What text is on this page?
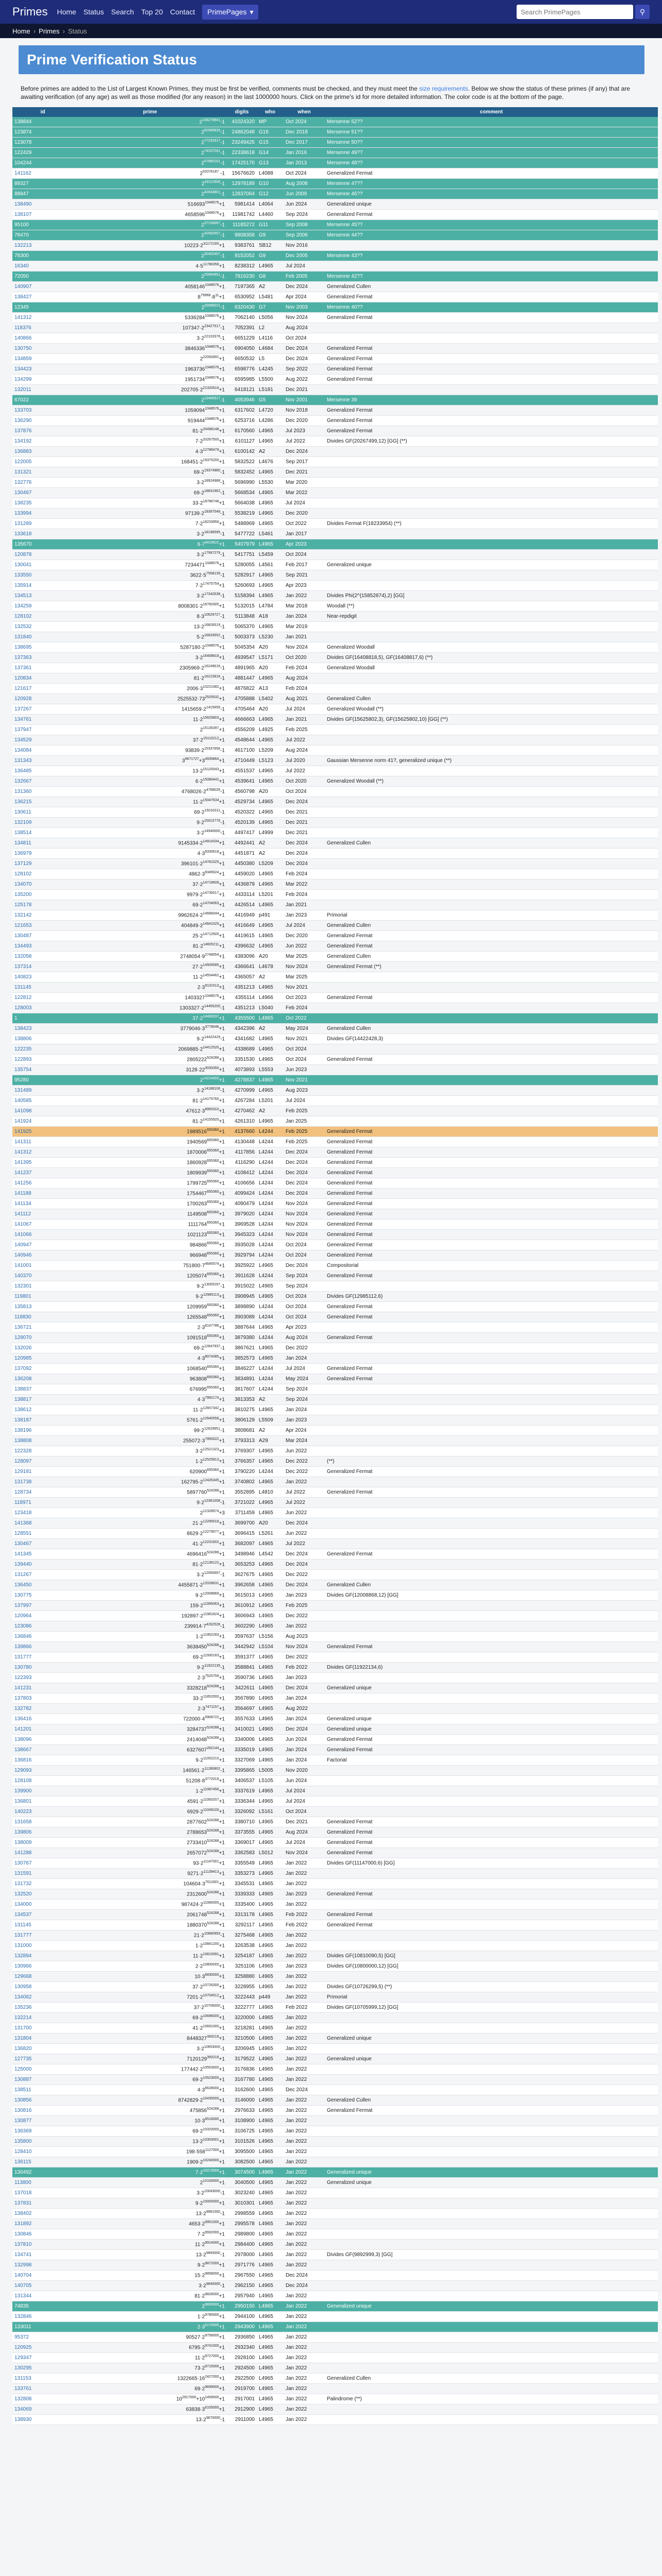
Primes Home Status Search Top 20 Contact PrimePages ▾
Search PrimePages	⚲
Home › Primes › Status
Prime Verification Status

Before primes are added to the List of Largest Known Primes, they must be first be verified, comments must be checked, and they must meet the size requirements. Below we show the status of these primes (if any) that are awaiting verification (of any age) as well as those modified (for any reason) in the last 1000000 hours. Click on the prime's id for more detailed information. The color code is at the bottom of the page.

id	prime	digits	who	when	comment
138844	$2^{136279841}-1$	41024320	MP	Oct 2024	Mersenne 52??
123874	$2^{82589933}-1$	24862048	G16	Dec 2018	Mersenne 51??
123078	$2^{77232917}-1$	23249425	G15	Dec 2017	Mersenne 50??
122429	$2^{74207281}-1$	22338618	G14	Jan 2016	Mersenne 49??
104244	$2^{57885161}-1$	17425170	G13	Jan 2013	Mersenne 48??
141162	$2^{52076187}$ -1	15676620	L4088	Oct 2024	Generalized Fermat
89327	$2^{43112609}-1$	12978189	G10	Aug 2008	Mersenne 47??
88847	$2^{42643801}-1$	12837064	G12	Jun 2009	Mersenne 46??
138490	$516693^{1048576}+1$	5981414	L4064	Jun 2024	Generalized unique
138107	$4658596^{1048576}+1$	11981742	L4460	Sep 2024	Generalized Fermat
95100	$2^{37156667}-1$	11185272	G11	Sep 2008	Mersenne 45??
78470	$2^{32582657}-1$	9808358	G9	Sep 2006	Mersenne 44??
132213	$10223\cdot 2^{31172165}+1$	9383761	SB12	Nov 2016	
78300	$2^{30402457}-1$	9152052	G9	Dec 2005	Mersenne 43??
16340	$4\cdot 5^{11786358}+1$	8238312	L4965	Jul 2024	
72050	$2^{25964951}-1$	7816230	G8	Feb 2005	Mersenne 42??
140907	$4058146^{1048576}+1$	7197365	A2	Dec 2024	Generalized Cullen
138427	$8^{79968}\cdot 8^{11}+1$	6530952	L5481	Apr 2024	Generalized Fermat
12345	$2^{20996011}-1$	6320430	G7	Nov 2003	Mersenne 40??
141312	$5336284^{1048576}+1$	7062140	L5056	Nov 2024	Generalized Fermat
118376	$107347\cdot 2^{23427517}-1$	7052391	L2	Aug 2024	
140866	$3\cdot 2^{22103376}-1$	6651229	L4116	Oct 2024	
130750	$3846336^{1048576}+1$	6904050	L4684	Dec 2024	Generalized Fermat
134859	$2^{22092891}+1$	6650532	L5	Dec 2024	Generalized Fermat
134423	$1963736^{1048576}+1$	6598776	L4245	Sep 2022	Generalized Fermat
134299	$1951734^{1048576}+1$	6595985	L5500	Aug 2022	Generalized Fermat
132011	$202705\cdot 2^{21320516}+1$	6418121	L5181	Dec 2021	
67022	$2^{13466917}-1$	4053946	G5	Nov 2001	Mersenne 39
133703	$1059094^{1048576}+1$	6317602	L4720	Nov 2018	Generalized Fermat
136290	$919444^{1048576}+1$	6253716	L4286	Dec 2020	Generalized Fermat
137876	$81\cdot 2^{20498148}+1$	6170560	L4965	Jul 2023	Generalized Fermat
134192	$7\cdot 2^{20267500}+1$	6101127	L4965	Jul 2022	Divides GF(20267499,12) [GG] (**)
136883	$4\cdot 3^{12786479}+1$	6100142	A2	Dec 2024	
122005	$168451\cdot 2^{19375200}+1$	5832522	L4676	Sep 2017	
131321	$69\cdot 2^{19374980}-1$	5832452	L4965	Dec 2021	
132776	$3\cdot 2^{18924988}-1$	5696990	L5530	Mar 2020	
130467	$69\cdot 2^{18831962}-1$	5668534	L4965	Mar 2022	
138235	$33\cdot 2^{18786748}+1$	5664038	L4965	Jul 2024	
133994	$97139\cdot 2^{18397548}-1$	5538219	L4965	Dec 2020	
131289	$7\cdot 2^{18233956}+1$	5488969	L4965	Oct 2022	Divides Fermat F(18233954) (**)
133618	$3\cdot 2^{18196595}-1$	5477722	L5461	Jan 2017	
135670	$6\cdot 7^{6419622}+1$	5407979	L4965	Apr 2023	
120878	$3\cdot 2^{17997279}-1$	5417751	L5459	Oct 2024	
130041	$7234471^{1048576}+1$	5280055	L4561	Feb 2017	Generalized unique
133550	$3622\cdot 5^{7558139}-1$	5282917	L4965	Sep 2021	
135914	$7\cdot 2^{17475754}+1$	5260693	L4965	Apr 2023	
134513	$3\cdot 2^{17342638}-1$	5158394	L4965	Jan 2022	Divides Phi(2^{15852874},2) [GG]
134259	$8008301\cdot 2^{16760305}+1$	5132015	L4784	Mar 2018	Woodall (**)
128102	$8\cdot 3^{10629727}-1$	5113848	A18	Jan 2024	Near-repdigit
132532	$13\cdot 2^{16826519}-1$	5065370	L4965	Mar 2019	
131840	$5\cdot 2^{16633552}-1$	5003373	L5230	Jan 2021	
138695	$5287180\cdot 2^{1048576}+1$	5045354	A20	Nov 2024	Generalized Woodall
137363	$3\cdot 2^{16408818}+1$	4939547	L5171	Oct 2020	Divides GF(16408818,5), GF(16408817,6) (**)
137361	$2305969\cdot 2^{16249616}-1$	4891965	A20	Feb 2024	Generalized Woodall
120834	$81\cdot 2^{16215816}-1$	4881447	L4965	Aug 2024	
121617	$2006\cdot 3^{10221082}+1$	4876822	A13	Feb 2024	
120928	$2525532\cdot 73^{2525532}+1$	4705888	L5402	Aug 2021	Generalized Cullen
137267	$1415659\cdot 2^{1415659}-1$	4705464	A20	Jul 2024	Generalized Woodall (**)
134761	$11\cdot 2^{15625803}+1$	4666663	L4965	Jan 2021	Divides GF(15625802,3), GF(15625802,10) [GG] (**)
137947	$2^{15135397}+1$	4556209	L4925	Feb 2025	
134529	$37\cdot 2^{15110212}+1$	4548644	L4965	Jul 2022	
134084	$93839\cdot 2^{15337656}-1$	4617100	L5209	Aug 2024	
131343	$3^{9871727}+3^{4935864}+1$	4710449	L5123	Jul 2020	Gaussian Mersenne norm 41?, generalized unique (**)
136485	$13\cdot 2^{15120043}+1$	4551537	L4965	Jul 2022	
132667	$6\cdot 2^{15080442}+1$	4539641	L4965	Oct 2020	Generalized Woodall (**)
131360	$4768026\cdot 2^{4768026}-1$	4560798	A20	Oct 2024	
136215	$11\cdot 2^{15047634}+1$	4529734	L4965	Dec 2024	
130611	$69\cdot 2^{15016311}-1$	4520322	L4965	Dec 2021	
132109	$9\cdot 2^{15015776}-1$	4520139	L4965	Dec 2021	
138514	$3\cdot 2^{14940000}-1$	4497417	L4999	Dec 2021	
134811	$9145334\cdot 2^{14914334}+1$	4492441	A2	Dec 2024	Generalized Cullen
136979	$4\cdot 3^{9330618}+1$	4451871	A2	Dec 2024	
137129	$396101\cdot 2^{14781025}+1$	4450380	L5209	Dec 2024	
128102	$4862\cdot 3^{9345624}+1$	4459020	L4965	Feb 2024	
134070	$37\cdot 2^{14719608}+1$	4436879	L4965	Mar 2022	
135200	$9979\cdot 2^{14730017}+1$	4433114	L5201	Feb 2024	
125178	$69\cdot 2^{14704063}+1$	4426514	L4965	Jan 2021	
132142	$9962624\cdot 2^{14666044}+1$	4416949	p491	Jan 2023	Primorial
121653	$404849\cdot 2^{14641025}+1$	4416649	L4965	Jul 2024	Generalized Cullen
130487	$25\cdot 2^{14712600}+1$	4419615	L4965	Dec 2020	Generalized Fermat
134493	$81\cdot 2^{14605211}+1$	4396632	L4965	Jun 2022	Generalized Fermat
132058	$2748054\cdot 9^{2748054}+1$	4383096	A20	Mar 2025	Generalized Cullen
137314	$27\cdot 2^{14505585}+1$	4366641	L4678	Nov 2024	Generalized Fermat (**)
140823	$11\cdot 2^{14554462}+1$	4365057	A2	Mar 2025	
131145	$2\cdot 3^{9131513}+1$	4351213	L4965	Nov 2021	
122812	$1403327^{1048576}+1$	4355114	L4966	Oct 2023	Generalized Fermat
128003	$1303327\cdot 2^{14455200}-1$	4351213	L5040	Feb 2024	
1	$37\cdot 2^{14480037}+1$	4355500	L4965	Oct 2022	
138423	$3779046\cdot 3^{3779046}+1$	4342396	A2	May 2024	Generalized Cullen
138806	$9\cdot 2^{14422429}-1$	4341682	L4965	Nov 2021	Divides GF(14422428,3)
122235	$2069885\cdot 2^{14412520}+1$	4338689	L4965	Oct 2024	
122893	$2805222^{524288}+1$	3351530	L4965	Oct 2024	Generalized Fermat
135754	$3128\cdot 22^{3030350}+1$	4073893	L5553	Jun 2023	
95280	$2^{14214000}+1$	4278837	L4965	Nov 2021	
131489	$3\cdot 2^{14188106}-1$	4270999	L4965	Aug 2023	
140585	$81\cdot 2^{14175760}+1$	4267284	L5201	Jul 2024	
141098	$47612\cdot 3^{8950310}+1$	4270462	A2	Feb 2025	
141924	$81\cdot 2^{14155920}+1$	4261310	L4965	Jan 2025	
141925	$1989516^{655360}+1$	4137660	L4244	Feb 2025	Generalized Fermat
141311	$1940569^{655360}+1$	4130448	L4244	Feb 2025	Generalized Fermat
141312	$1870006^{655360}+1$	4117856	L4244	Dec 2024	Generalized Fermat
141395	$1860928^{655360}+1$	4116290	L4244	Dec 2024	Generalized Fermat
141237	$1809939^{655360}+1$	4108412	L4244	Dec 2024	Generalized Fermat
141256	$1799725^{655360}+1$	4106656	L4244	Dec 2024	Generalized Fermat
141188	$1754467^{655360}+1$	4099424	L4244	Dec 2024	Generalized Fermat
141134	$1700263^{655360}+1$	4090479	L4244	Nov 2024	Generalized Fermat
141112	$1149508^{655360}+1$	3979020	L4244	Nov 2024	Generalized Fermat
141067	$1111764^{655360}+1$	3969528	L4244	Nov 2024	Generalized Fermat
141066	$1021123^{655360}+1$	3945323	L4244	Nov 2024	Generalized Fermat
140947	$984866^{655360}+1$	3935028	L4244	Oct 2024	Generalized Fermat
140946	$966948^{655360}+1$	3929794	L4244	Oct 2024	Generalized Fermat
141001	$751800\cdot 7^{4645574}+1$	3925922	L4965	Dec 2024	Compositorial
140370	$1205074^{655360}+1$	3911628	L4244	Sep 2024	Generalized Fermat
132301	$9\cdot 2^{13005297}-1$	3915022	L4965	Sep 2024	
119801	$9\cdot 2^{12985113}+1$	3908945	L4965	Oct 2024	Divides GF(12985112,6)
135813	$1209959^{655360}+1$	3898890	L4244	Oct 2024	Generalized Fermat
118830	$1265548^{655360}+1$	3903089	L4244	Oct 2024	Generalized Fermat
136721	$2\cdot 3^{8147786}+1$	3887644	L4965	Apr 2023	
128070	$1091518^{655360}+1$	3879380	L4244	Aug 2024	Generalized Fermat
132026	$69\cdot 2^{12847937}-1$	3867621	L4965	Dec 2022	
120985	$4\cdot 3^{8074385}+1$	3852573	L4965	Jan 2024	
137092	$1068540^{655360}+1$	3846227	L4244	Jul 2024	Generalized Fermat
136208	$963808^{655360}+1$	3834891	L4244	May 2024	Generalized Fermat
138837	$676995^{655360}+1$	3817607	L4244	Sep 2024	
138817	$4\cdot 3^{7992174}+1$	3813353	A2	Sep 2024	
138612	$11\cdot 2^{12657342}+1$	3810275	L4965	Jan 2024	
138187	$5761\cdot 2^{12640558}+1$	3806129	L5509	Jan 2023	
138196	$99\cdot 2^{12629951}-1$	3808681	A2	Apr 2024	
138808	$255072\cdot 3^{7950022}+1$	3793313	A29	Mar 2024	
122328	$3\cdot 2^{12521323}+1$	3769307	L4965	Jun 2022	
128097	$1\cdot 2^{12525813}+1$	3766357	L4965	Dec 2022	(**)
129181	$620900^{655360}+1$	3790220	L4244	Dec 2022	Generalized Fermat
131738	$162795\cdot 2^{12426345}+1$	3740802	L4965	Jan 2022	
128734	$5897760^{524288}+1$	3552895	L4810	Jul 2022	Generalized Fermat
118971	$9\cdot 2^{12361008}-1$	3721022	L4965	Jul 2022	
123418	$2^{12328974}+3$	3711459	L4965	Jun 2022	
141368	$21\cdot 2^{12290018}+1$	3699700	A20	Dec 2024	
128551	$8629\cdot 2^{12279077}+1$	3696415	L5261	Jun 2022	
130467	$41\cdot 2^{12231602}+1$	3682097	L4965	Jul 2022	
141345	$4696416^{524288}+1$	3498946	L4542	Dec 2024	Generalized Fermat
139440	$81\cdot 2^{12136122}+1$	3653253	L4965	Dec 2024	
131267	$3\cdot 2^{12050697}-1$	3627675	L4965	Dec 2022	
136450	$4455871\cdot 2^{12028631}+1$	3962658	L4965	Dec 2024	Generalized Cullen
130775	$9\cdot 2^{12008869}+1$	3615013	L4965	Jan 2023	Divides GF(12008868,12) [GG]
137997	$159\cdot 2^{11995063}+1$	3610912	L4965	Feb 2025	
120964	$192897\cdot 2^{11981824}+1$	3606943	L4965	Dec 2022	
123086	$239914\cdot 7^{4262528}-1$	3602290	L4965	Jan 2022	
136846	$1\cdot 2^{11952283}+1$	3597637	L5156	Aug 2023	
139866	$3638450^{524288}+1$	3442942	L5104	Nov 2024	Generalized Fermat
131777	$69\cdot 2^{11930163}+1$	3591377	L4965	Dec 2022	
130780	$9\cdot 2^{11922135}-1$	3588841	L4965	Feb 2022	Divides GF(11922134,6)
122393	$2\cdot 3^{7525759}+1$	3590736	L4965	Jan 2023	
141231	$3328218^{524288}+1$	3422611	L4965	Dec 2024	Generalized unique
137803	$33\cdot 2^{11852000}+1$	3567890	L4965	Jan 2024	
132782	$2\cdot 3^{7471157}+1$	3564697	L4965	Aug 2022	
136416	$722000\cdot 4^{5908722}+1$	3557633	L4965	Jan 2024	Generalized unique
141201	$3284737^{524288}+1$	3410021	L4965	Dec 2024	Generalized unique
138096	$2414048^{524288}+1$	3340006	L4965	Jun 2024	Generalized Fermat
138667	$6327607^{262144}+1$	3335019	L4965	Jan 2024	Generalized Fermat
136816	$9\cdot 2^{11052210}+1$	3327069	L4965	Jan 2024	Factorial
129093	$146561\cdot 2^{11280802}-1$	3395865	L5005	Nov 2020	
128108	$51208\cdot 8^{3772019}+1$	3406537	L5105	Jun 2024	
139900	$1\cdot 2^{11087456}+1$	3337619	L4965	Jul 2024	
136801	$4591\cdot 2^{11083207}+1$	3336344	L4965	Jul 2024	
140223	$6929\cdot 2^{11049100}+1$	3326092	L5161	Oct 2024	
131658	$2877602^{524288}+1$	3380710	L4965	Dec 2021	Generalized Fermat
139806	$2788653^{524288}+1$	3373555	L4965	Aug 2024	Generalized Fermat
138009	$2733410^{524288}+1$	3369017	L4965	Jul 2024	Generalized Fermat
141288	$2657072^{524288}+1$	3362583	L5012	Nov 2024	Generalized Fermat
130767	$93\cdot 2^{11147001}+1$	3355549	L4965	Jan 2022	Divides GF(11147000,6) [GG]
131591	$9271\cdot 2^{11139413}+1$	3353273	L4965	Jan 2022	
131732	$104604\cdot 3^{7011601}+1$	3345531	L4965	Jan 2022	
132520	$2312600^{524288}+1$	3339333	L4965	Jan 2023	Generalized Fermat
134000	$987424\cdot 2^{11080000}+1$	3335400	L4965	Jan 2022	
134537	$2061748^{524288}+1$	3313178	L4965	Feb 2022	Generalized Fermat
131145	$1880370^{524288}+1$	3292117	L4965	Feb 2022	Generalized Fermat
131777	$21\cdot 2^{10880993}-1$	3275468	L4965	Jan 2022	
131000	$1\cdot 2^{10841200}+1$	3263538	L4965	Jan 2022	
132894	$11\cdot 2^{10810091}+1$	3254187	L4965	Jan 2022	Divides GF(10810090,5) [GG]
130966	$2\cdot 2^{10800000}+1$	3251106	L4965	Jan 2023	Divides GF(10800000,12) [GG]
129668	$10\cdot 3^{6830000}+1$	3258880	L4965	Jan 2022	
130958	$37\cdot 2^{10726300}+1$	3228955	L4965	Jan 2022	Divides GF(10726299,5) (**)
134062	$7201\cdot 2^{10704512}+1$	3222443	p449	Jan 2022	Primorial
135236	$37\cdot 2^{10706000}-1$	3222777	L4965	Feb 2022	Divides GF(10705999,12) [GG]
132214	$69\cdot 2^{10696000}+1$	3220000	L4965	Jan 2022	
131700	$41\cdot 2^{10691000}+1$	3218281	L4965	Jan 2022	
131804	$8448327^{393216}+1$	3210500	L4965	Jan 2022	Generalized unique
136820	$3\cdot 2^{10653000}-1$	3206945	L4965	Jan 2022	
127735	$7120129^{393216}+1$	3179522	L4965	Jan 2022	Generalized unique
125000	$177442\cdot 2^{10553000}+1$	3176836	L4965	Jan 2022	
130887	$69\cdot 2^{10523000}+1$	3167780	L4965	Jan 2022	
138511	$4\cdot 3^{6628000}+1$	3162600	L4965	Dec 2024	
130856	$8742829\cdot 2^{10435000}+1$	3146000	L4965	Jan 2022	Generalized Cullen
130816	$475856^{524288}+1$	2976633	L4965	Jan 2022	Generalized Fermat
130877	$10\cdot 3^{6516000}+1$	3108900	L4965	Jan 2022	
136369	$69\cdot 2^{10320000}+1$	3106725	L4965	Jan 2022	
135800	$13\cdot 2^{10303001}+1$	3101526	L4965	Jan 2022	
128410	$198\cdot 558^{1127000}+1$	3095500	L4965	Jan 2022	
136115	$1909\cdot 2^{10240000}+1$	3082500	L4965	Jan 2022	
130492	$7\cdot 2^{10213000}+1$	3074500	L4965	Jan 2022	Generalized unique
113800	$2^{10100000}+1$	3040500	L4965	Jan 2022	Generalized unique
137018	$3\cdot 2^{10043000}-1$	3023240	L4965	Jan 2022	
137831	$9\cdot 2^{10000000}+1$	3010301	L4965	Jan 2022	
138402	$13\cdot 2^{9961000}-1$	2998559	L4965	Jan 2022	
131892	$4653\cdot 2^{9951000}+1$	2995578	L4965	Jan 2022	
130846	$7\cdot 2^{9932000}+1$	2989800	L4965	Jan 2022	
137810	$11\cdot 2^{9914000}+1$	2984400	L4965	Jan 2022	
134741	$13\cdot 2^{9893000}-1$	2978000	L4965	Jan 2022	Divides GF(9892999,3) [GG]
132998	$9\cdot 2^{9872000}+1$	2971776	L4965	Jan 2022	
140704	$15\cdot 2^{9858000}+1$	2967550	L4965	Dec 2024	
140705	$3\cdot 2^{9840000}-1$	2962150	L4965	Dec 2024	
131344	$81\cdot 2^{9826000}+1$	2957940	L4965	Jan 2022	
74835	$2^{9800000}+1$	2950150	L4965	Jan 2022	Generalized unique
132846	$1\cdot 2^{9780000}+1$	2944100	L4965	Jan 2022	
133011	$2\cdot 3^{6170000}+1$	2943900	L4965	Jan 2022	
95372	$90527\cdot 2^{9756000}+1$	2936850	L4965	Jan 2022	
120925	$6795\cdot 2^{9741000}+1$	2932340	L4965	Jan 2022	
129347	$11\cdot 2^{9727000}+1$	2928100	L4965	Jan 2022	
130295	$73\cdot 2^{9715000}+1$	2924500	L4965	Jan 2022	
131153	$1322665\cdot 16^{2427000}+1$	2922500	L4965	Jan 2022	Generalized Cullen
133761	$69\cdot 2^{9699000}+1$	2919700	L4965	Jan 2022	
132808	$10^{2917000}+10^{1458500}+1$	2917001	L4965	Jan 2022	Palindrome (**)
134069	$63838\cdot 3^{6105000}+1$	2912900	L4965	Jan 2022	
138930	$13\cdot 2^{9670000}-1$	2911000	L4965	Jan 2022	
